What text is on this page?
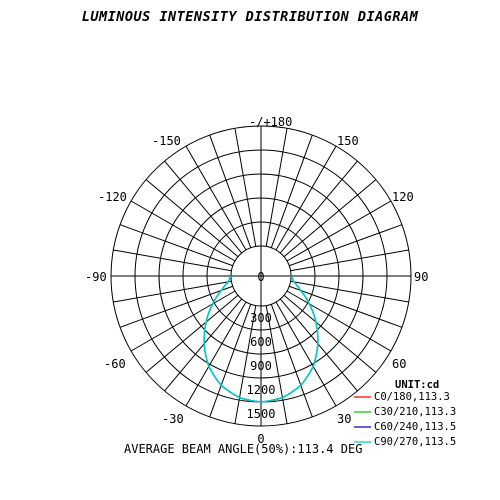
LUMINOUS INTENSITY DISTRIBUTION DIAGRAM
-/+180
-150	150
-120	120
-90	90
-60	60
-30	30
0
300
600
900
1200
1500
0
UNIT:cd
C0/180,113.3
C30/210,113.3
C60/240,113.5
C90/270,113.5
AVERAGE BEAM ANGLE(50%):113.4 DEG
